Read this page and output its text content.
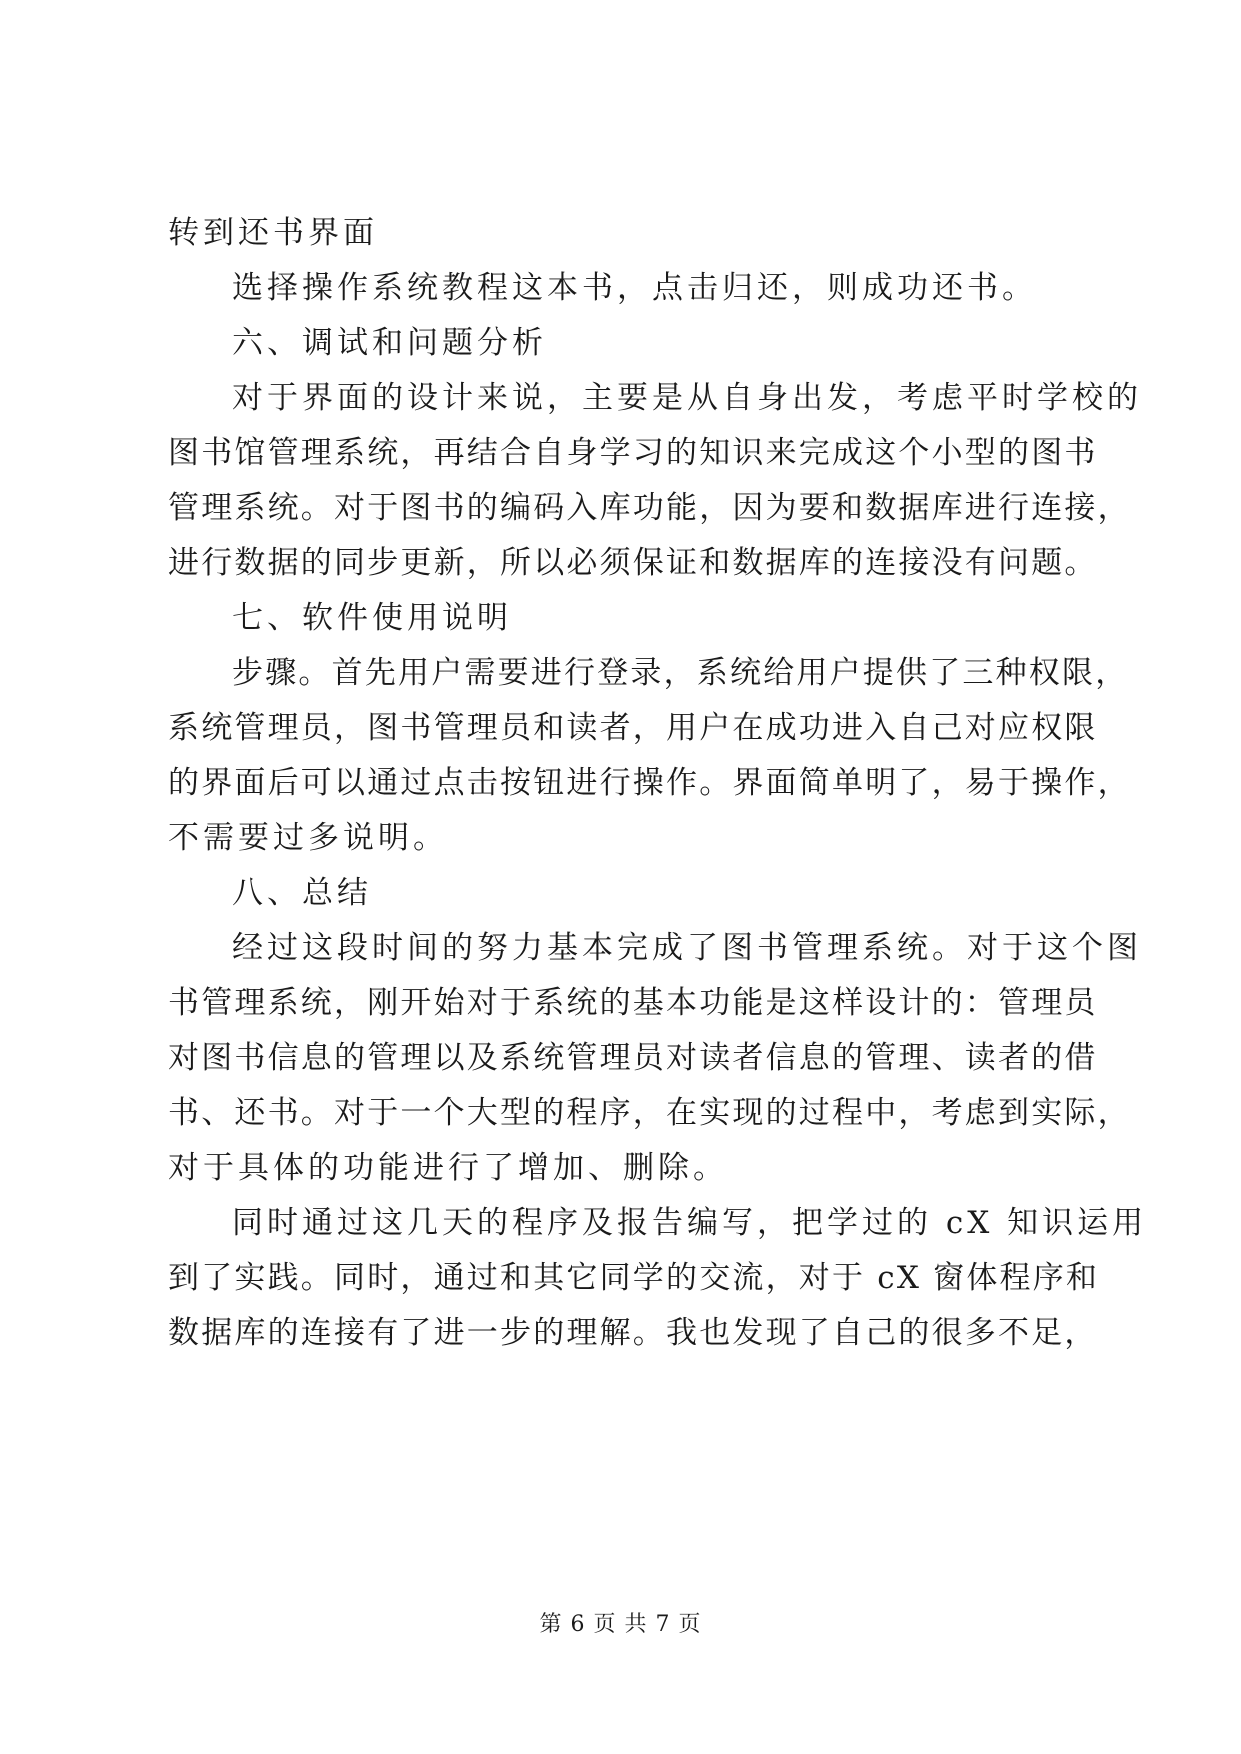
转到还书界面
选择操作系统教程这本书，点击归还，则成功还书。
六、调试和问题分析
对于界面的设计来说，主要是从自身出发，考虑平时学校的
图书馆管理系统，再结合自身学习的知识来完成这个小型的图书
管理系统。对于图书的编码入库功能，因为要和数据库进行连接，
进行数据的同步更新，所以必须保证和数据库的连接没有问题。
七、软件使用说明
步骤。首先用户需要进行登录，系统给用户提供了三种权限，
系统管理员，图书管理员和读者，用户在成功进入自己对应权限
的界面后可以通过点击按钮进行操作。界面简单明了，易于操作，
不需要过多说明。
八、总结
经过这段时间的努力基本完成了图书管理系统。对于这个图
书管理系统，刚开始对于系统的基本功能是这样设计的：管理员
对图书信息的管理以及系统管理员对读者信息的管理、读者的借
书、还书。对于一个大型的程序，在实现的过程中，考虑到实际，
对于具体的功能进行了增加、删除。
同时通过这几天的程序及报告编写，把学过的 cX 知识运用
到了实践。同时，通过和其它同学的交流，对于 cX 窗体程序和
数据库的连接有了进一步的理解。我也发现了自己的很多不足，
第 6 页 共 7 页
